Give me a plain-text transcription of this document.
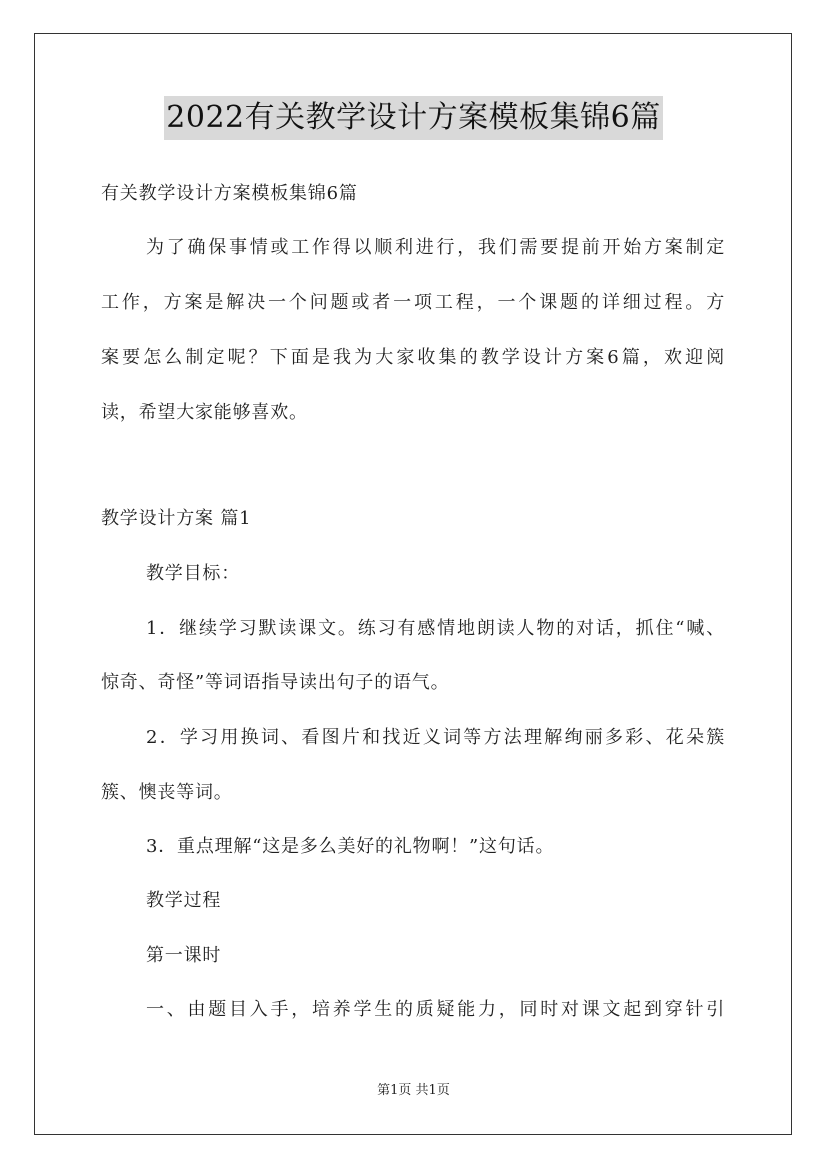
2022有关教学设计方案模板集锦6篇
有关教学设计方案模板集锦6篇
为了确保事情或工作得以顺利进行，我们需要提前开始方案制定
工作，方案是解决一个问题或者一项工程，一个课题的详细过程。方
案要怎么制定呢？下面是我为大家收集的教学设计方案6篇，欢迎阅
读，希望大家能够喜欢。
教学设计方案 篇1
教学目标：
1．继续学习默读课文。练习有感情地朗读人物的对话，抓住“喊、
惊奇、奇怪”等词语指导读出句子的语气。
2．学习用换词、看图片和找近义词等方法理解绚丽多彩、花朵簇
簇、懊丧等词。
3．重点理解“这是多么美好的礼物啊！”这句话。
教学过程
第一课时
一、由题目入手，培养学生的质疑能力，同时对课文起到穿针引
第1页 共1页
